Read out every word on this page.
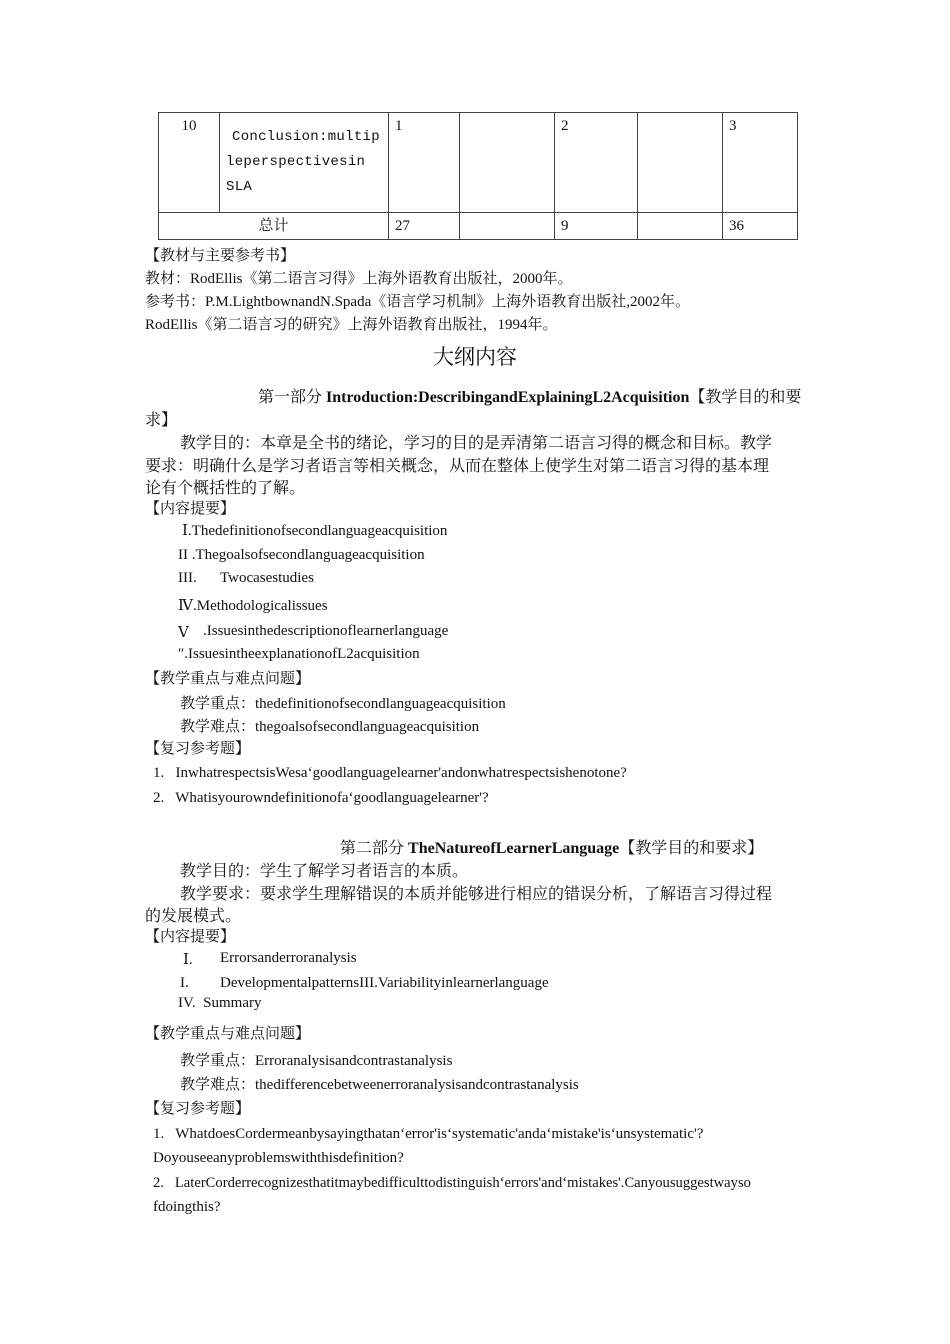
10	Conclusion:multip
leperspectivesin
SLA	1		2		3
总计		27		9		36
【教材与主要参考书】
教材：RodEllis《第二语言习得》上海外语教育出版社，2000年。
参考书：P.M.LightbownandN.Spada《语言学习机制》上海外语教育出版社,2002年。
RodEllis《第二语言习的研究》上海外语教育出版社，1994年。
大纲内容
第一部分 Introduction:DescribingandExplainingL2Acquisition【教学目的和要
求】
教学目的：本章是全书的绪论，学习的目的是弄清第二语言习得的概念和目标。教学
要求：明确什么是学习者语言等相关概念，从而在整体上使学生对第二语言习得的基本理
论有个概括性的了解。
【内容提要】
Ⅰ.Thedefinitionofsecondlanguageacquisition
II .Thegoalsofsecondlanguageacquisition
III. Twocasestudies
Ⅳ.Methodologicalissues
Ⅴ .Issuesinthedescriptionoflearnerlanguage
″.IssuesintheexplanationofL2acquisition
【教学重点与难点问题】
教学重点：thedefinitionofsecondlanguageacquisition
教学难点：thegoalsofsecondlanguageacquisition
【复习参考题】
1.   InwhatrespectsisWesa‘goodlanguagelearner'andonwhatrespectsishenotone?
2.   Whatisyourowndefinitionofa‘goodlanguagelearner'?
第二部分 TheNatureofLearnerLanguage【教学目的和要求】
教学目的：学生了解学习者语言的本质。
教学要求：要求学生理解错误的本质并能够进行相应的错误分析，了解语言习得过程
的发展模式。
【内容提要】
Ⅰ. Errorsanderroranalysis
I. DevelopmentalpatternsIII.Variabilityinlearnerlanguage
IV.  Summary
【教学重点与难点问题】
教学重点：Erroranalysisandcontrastanalysis
教学难点：thedifferencebetweenerroranalysisandcontrastanalysis
【复习参考题】
1.   WhatdoesCordermeanbysayingthatan‘error'is‘systematic'anda‘mistake'is‘unsystematic'?
Doyouseeanyproblemswiththisdefinition?
2.   LaterCorderrecognizesthatitmaybedifficulttodistinguish‘errors'and‘mistakes'.Canyousuggestwayso
fdoingthis?
